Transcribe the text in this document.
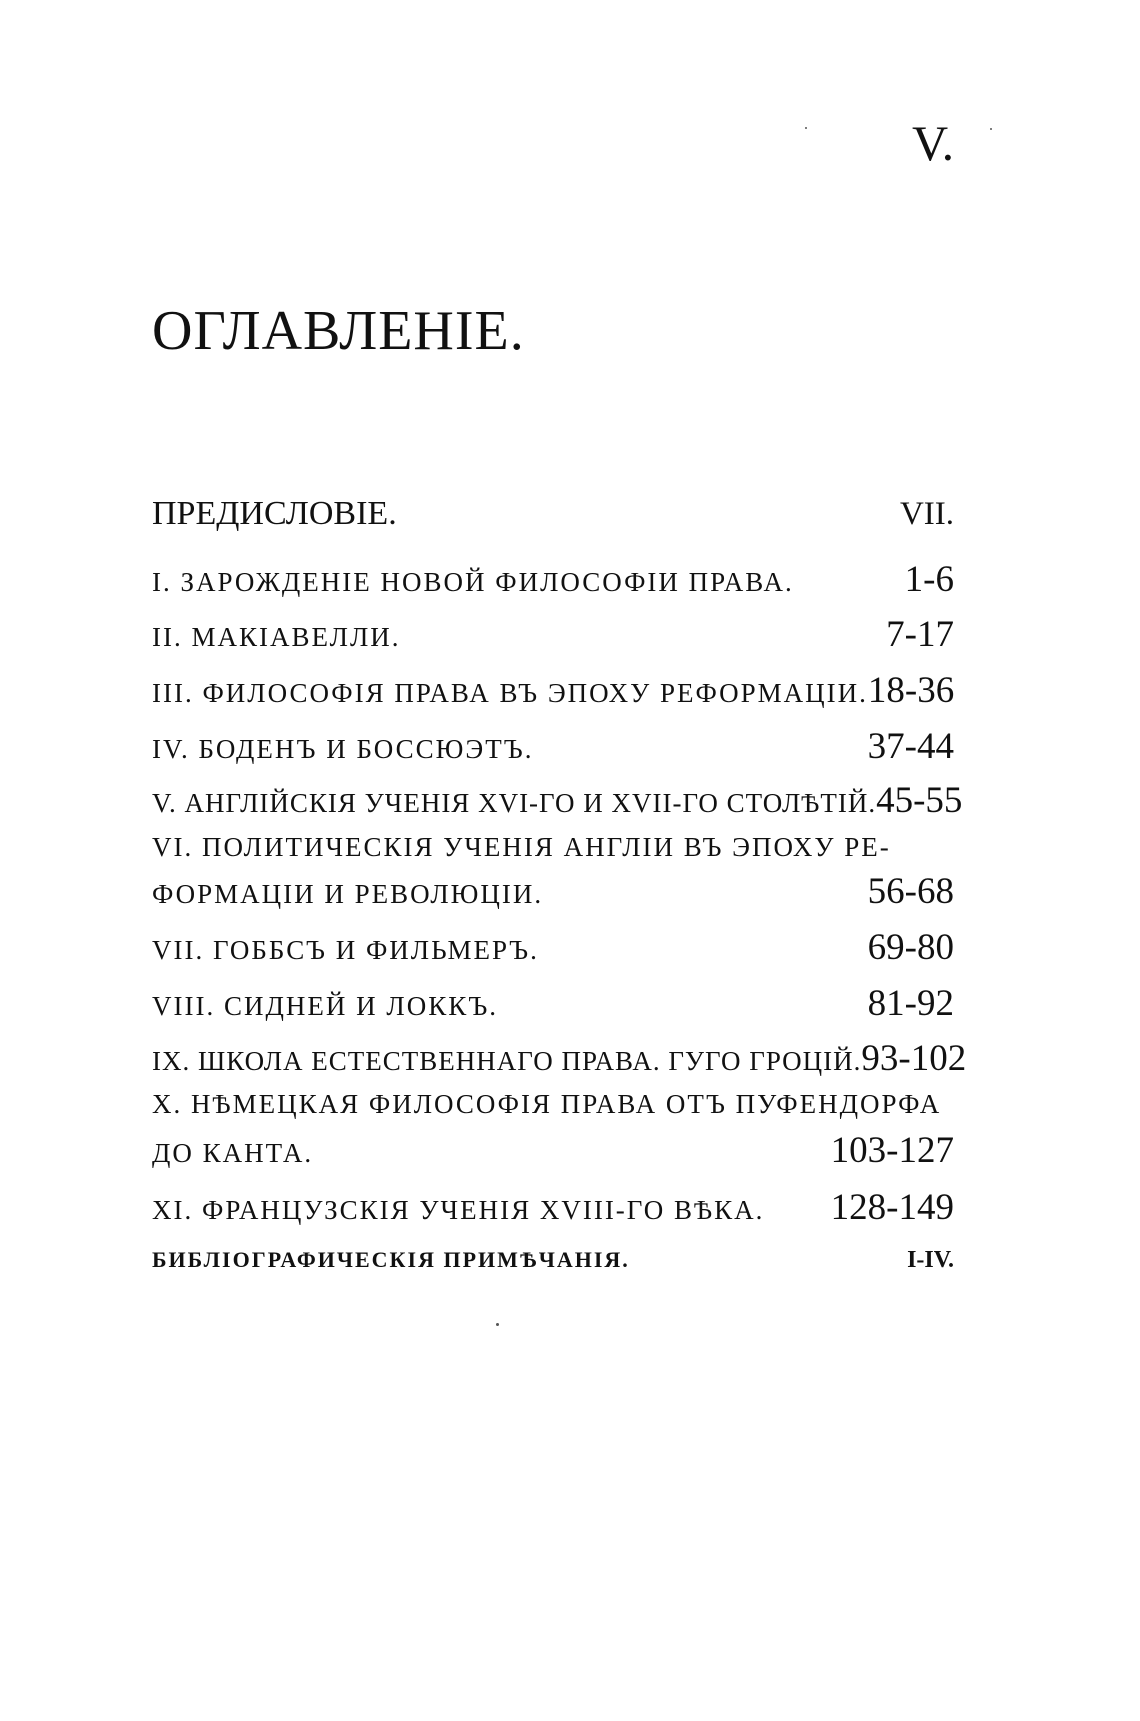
V.
ОГЛАВЛЕНІЕ.
ПРЕДИСЛОВІЕ.	VII.
I. ЗАРОЖДЕНІЕ НОВОЙ ФИЛОСОФІИ ПРАВА.	1-6
II. МАКІАВЕЛЛИ.	7-17
III. ФИЛОСОФІЯ ПРАВА ВЪ ЭПОХУ РЕФОРМАЦІИ. 18-36
IV. БОДЕНЪ И БОССЮЭТЪ.	37-44
V. АНГЛІЙСКІЯ УЧЕНІЯ XVI-ГО И XVII-ГО СТОЛѢТІЙ. 45-55
VI. ПОЛИТИЧЕСКІЯ УЧЕНІЯ АНГЛІИ ВЪ ЭПОХУ РЕ-
ФОРМАЦІИ И РЕВОЛЮЦІИ.	56-68
VII. ГОББСЪ И ФИЛЬМЕРЪ.	69-80
VIII. СИДНЕЙ И ЛОККЪ.	81-92
IX. ШКОЛА ЕСТЕСТВЕННАГО ПРАВА. ГУГО ГРОЦІЙ. 93-102
X. НѢМЕЦКАЯ ФИЛОСОФІЯ ПРАВА ОТЪ ПУФЕНДОРФА
ДО КАНТА.	103-127
XI. ФРАНЦУЗСКІЯ УЧЕНІЯ XVIII-ГО ВѢКА. 128-149
БИБЛІОГРАФИЧЕСКІЯ ПРИМѢЧАНІЯ.	I-IV.
